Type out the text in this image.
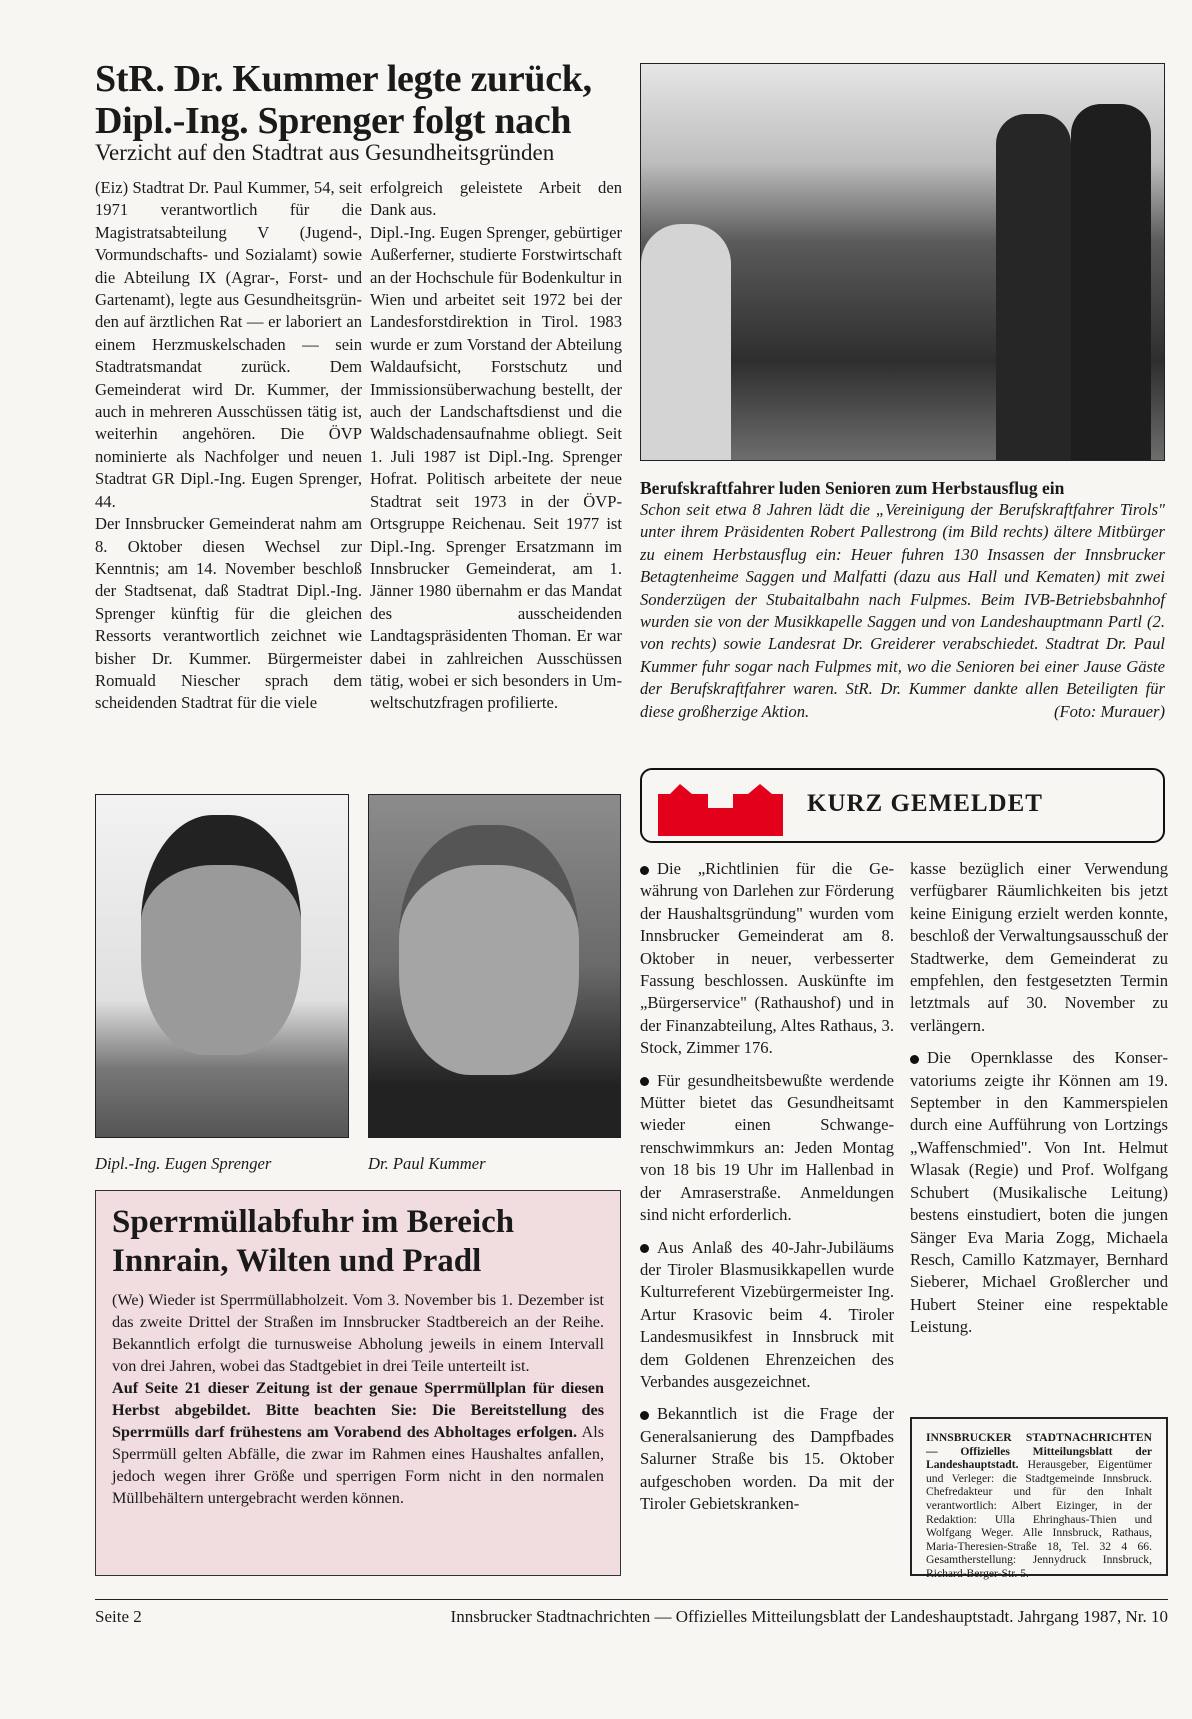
StR. Dr. Kummer legte zurück,
Dipl.-Ing. Sprenger folgt nach
Verzicht auf den Stadtrat aus Gesundheitsgründen

(Eiz) Stadtrat Dr. Paul Kummer, 54, seit 1971 verantwortlich für die Magistratsabteilung V (Jugend-, Vormundschafts- und Sozialamt) sowie die Abteilung IX (Agrar-, Forst- und Gartenamt), legte aus Gesundheitsgründen auf ärztlichen Rat — er laboriert an einem Herzmuskelschaden — sein Stadtratsmandat zurück. Dem Gemeinderat wird Dr. Kummer, der auch in mehreren Ausschüssen tätig ist, weiterhin angehören. Die ÖVP nominierte als Nachfolger und neuen Stadtrat GR Dipl.-Ing. Eugen Sprenger, 44.

Der Innsbrucker Gemeinderat nahm am 8. Oktober diesen Wechsel zur Kenntnis; am 14. November beschloß der Stadtsenat, daß Stadtrat Dipl.-Ing. Sprenger künftig für die gleichen Ressorts verantwortlich zeichnet wie bisher Dr. Kummer. Bürgermeister Romuald Niescher sprach dem scheidenden Stadtrat für die viele

erfolgreich geleistete Arbeit den Dank aus.

Dipl.-Ing. Eugen Sprenger, gebürtiger Außerferner, studierte Forstwirtschaft an der Hochschule für Bodenkultur in Wien und arbeitet seit 1972 bei der Landesforstdirektion in Tirol. 1983 wurde er zum Vorstand der Abteilung Waldaufsicht, Forstschutz und Immissionsüberwachung bestellt, der auch der Landschaftsdienst und die Waldschadensaufnahme obliegt. Seit 1. Juli 1987 ist Dipl.-Ing. Sprenger Hofrat. Politisch arbeitete der neue Stadtrat seit 1973 in der ÖVP-Ortsgruppe Reichenau. Seit 1977 ist Dipl.-Ing. Sprenger Ersatzmann im Innsbrucker Gemeinderat, am 1. Jänner 1980 übernahm er das Mandat des ausscheidenden Landtagspräsidenten Thoman. Er war dabei in zahlreichen Ausschüssen tätig, wobei er sich besonders in Umweltschutzfragen profilierte.

Berufskraftfahrer luden Senioren zum Herbstausflug ein
Schon seit etwa 8 Jahren lädt die „Vereinigung der Berufskraftfahrer Tirols" unter ihrem Präsidenten Robert Pallestrong (im Bild rechts) ältere Mitbürger zu einem Herbstausflug ein: Heuer fuhren 130 Insassen der Innsbrucker Betagtenheime Saggen und Malfatti (dazu aus Hall und Kematen) mit zwei Sonderzügen der Stubaitalbahn nach Fulpmes. Beim IVB-Betriebsbahnhof wurden sie von der Musikkapelle Saggen und von Landeshauptmann Partl (2. von rechts) sowie Landesrat Dr. Greiderer verabschiedet. Stadtrat Dr. Paul Kummer fuhr sogar nach Fulpmes mit, wo die Senioren bei einer Jause Gäste der Berufskraftfahrer waren. StR. Dr. Kummer dankte allen Beteiligten für diese großherzige Aktion.	(Foto: Murauer)
KURZ GEMELDET

Die „Richtlinien für die Gewährung von Darlehen zur Förderung der Haushaltsgründung" wurden vom Innsbrucker Gemeinderat am 8. Oktober in neuer, verbesserter Fassung beschlossen. Auskünfte im „Bürgerservice" (Rathaushof) und in der Finanzabteilung, Altes Rathaus, 3. Stock, Zimmer 176.

Für gesundheitsbewußte werdende Mütter bietet das Gesundheitsamt wieder einen Schwangerenschwimmkurs an: Jeden Montag von 18 bis 19 Uhr im Hallenbad in der Amraserstraße. Anmeldungen sind nicht erforderlich.

Aus Anlaß des 40-Jahr-Jubiläums der Tiroler Blasmusikkapellen wurde Kulturreferent Vizebürgermeister Ing. Artur Krasovic beim 4. Tiroler Landesmusikfest in Innsbruck mit dem Goldenen Ehrenzeichen des Verbandes ausgezeichnet.

Bekanntlich ist die Frage der Generalsanierung des Dampfbades Salurner Straße bis 15. Oktober aufgeschoben worden. Da mit der Tiroler Gebietskranken-

kasse bezüglich einer Verwendung verfügbarer Räumlichkeiten bis jetzt keine Einigung erzielt werden konnte, beschloß der Verwaltungsausschuß der Stadtwerke, dem Gemeinderat zu empfehlen, den festgesetzten Termin letztmals auf 30. November zu verlängern.

Die Opernklasse des Konservatoriums zeigte ihr Können am 19. September in den Kammerspielen durch eine Aufführung von Lortzings „Waffenschmied". Von Int. Helmut Wlasak (Regie) und Prof. Wolfgang Schubert (Musikalische Leitung) bestens einstudiert, boten die jungen Sänger Eva Maria Zogg, Michaela Resch, Camillo Katzmayer, Bernhard Sieberer, Michael Großlercher und Hubert Steiner eine respektable Leistung.

Dipl.-Ing. Eugen Sprenger	Dr. Paul Kummer
Sperrmüllabfuhr im Bereich Innrain, Wilten und Pradl

(We) Wieder ist Sperrmüllabholzeit. Vom 3. November bis 1. Dezember ist das zweite Drittel der Straßen im Innsbrucker Stadtbereich an der Reihe. Bekanntlich erfolgt die turnusweise Abholung jeweils in einem Intervall von drei Jahren, wobei das Stadtgebiet in drei Teile unterteilt ist.

Auf Seite 21 dieser Zeitung ist der genaue Sperrmüllplan für diesen Herbst abgebildet. Bitte beachten Sie: Die Bereitstellung des Sperrmülls darf frühestens am Vorabend des Abholtages erfolgen. Als Sperrmüll gelten Abfälle, die zwar im Rahmen eines Haushaltes anfallen, jedoch wegen ihrer Größe und sperrigen Form nicht in den normalen Müllbehältern untergebracht werden können.

INNSBRUCKER STADTNACHRICHTEN — Offizielles Mitteilungsblatt der Landeshauptstadt. Herausgeber, Eigentümer und Verleger: die Stadtgemeinde Innsbruck. Chefredakteur und für den Inhalt verantwortlich: Albert Eizinger, in der Redaktion: Ulla Ehringhaus-Thien und Wolfgang Weger. Alle Innsbruck, Rathaus, Maria-Theresien-Straße 18, Tel. 32 4 66. Gesamtherstellung: Jennydruck Innsbruck, Richard-Berger-Str. 5.
Seite 2	Innsbrucker Stadtnachrichten — Offizielles Mitteilungsblatt der Landeshauptstadt. Jahrgang 1987, Nr. 10
